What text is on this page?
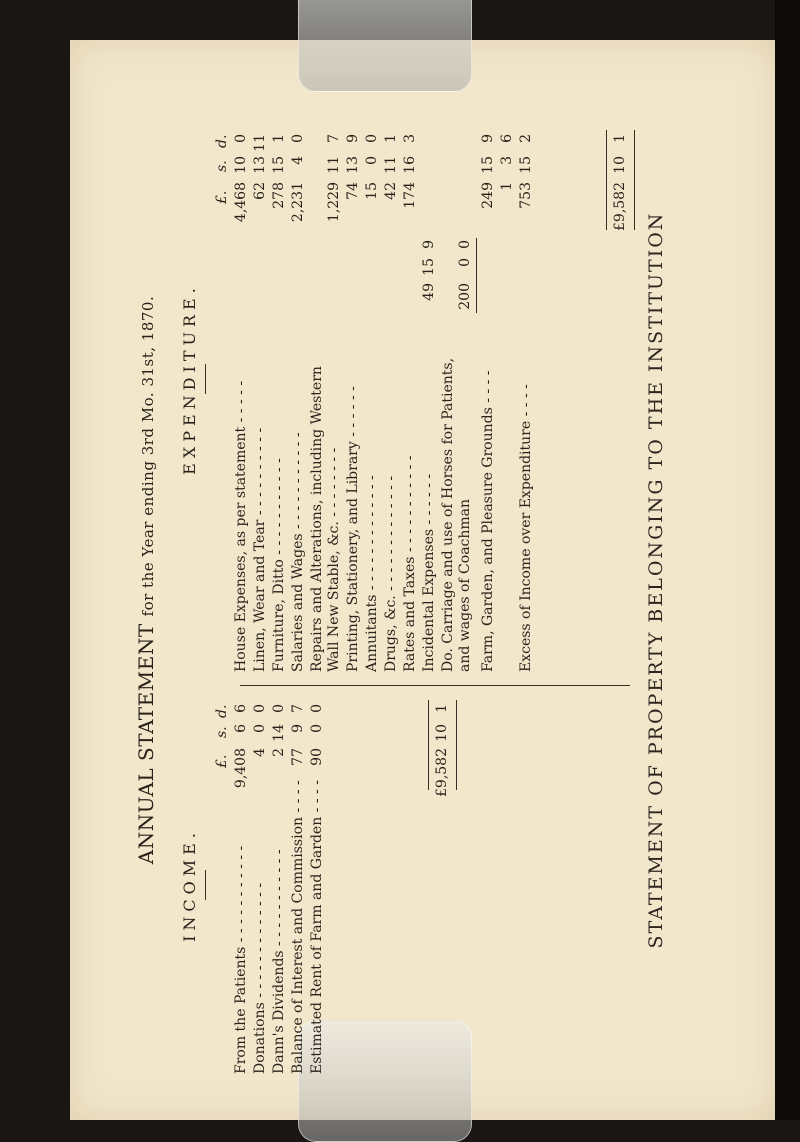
ANNUAL STATEMENT for the Year ending 3rd Mo. 31st, 1870.
INCOME.
£.
s.
d.
From the Patients - - - - - - - - - - -
9,408
6
6
Donations - - - - - - - - - - - - -
4
0
0
Dann's Dividends - - - - - - - - - - -
2
14
0
Balance of Interest and Commission - - - -
77
9
7
Estimated Rent of Farm and Garden - - - -
90
0
0
£9,582
10
1
EXPENDITURE.
£.
s.
d.
House Expenses, as per statement - - - - -
4,468
10
0
Linen, Wear and Tear - - - - - - - - - -
62
13
11
Furniture, Ditto - - - - - - - - - - -
278
15
1
Salaries and Wages - - - - - - - - - - -
2,231
4
0
Repairs and Alterations, including Western Wall New Stable, &c. - - - - - - - -
1,229
11
7
Printing, Stationery, and Library - - - - - -
74
13
9
Annuitants - - - - - - - - - - - - -
15
0
0
Drugs, &c. - - - - - - - - - - - - -
42
11
1
Rates and Taxes - - - - - - - - - - -
174
16
3
Incidental Expenses - - - - - -
49
15
9
Do. Carriage and use of Horses for Patients, and wages of Coachman
200
0
0
Farm, Garden, and Pleasure Grounds - - - -
249
15
9
1
3
6
Excess of Income over Expenditure - - - -
753
15
2
£9,582
10
1
STATEMENT OF PROPERTY BELONGING TO THE INSTITUTION
